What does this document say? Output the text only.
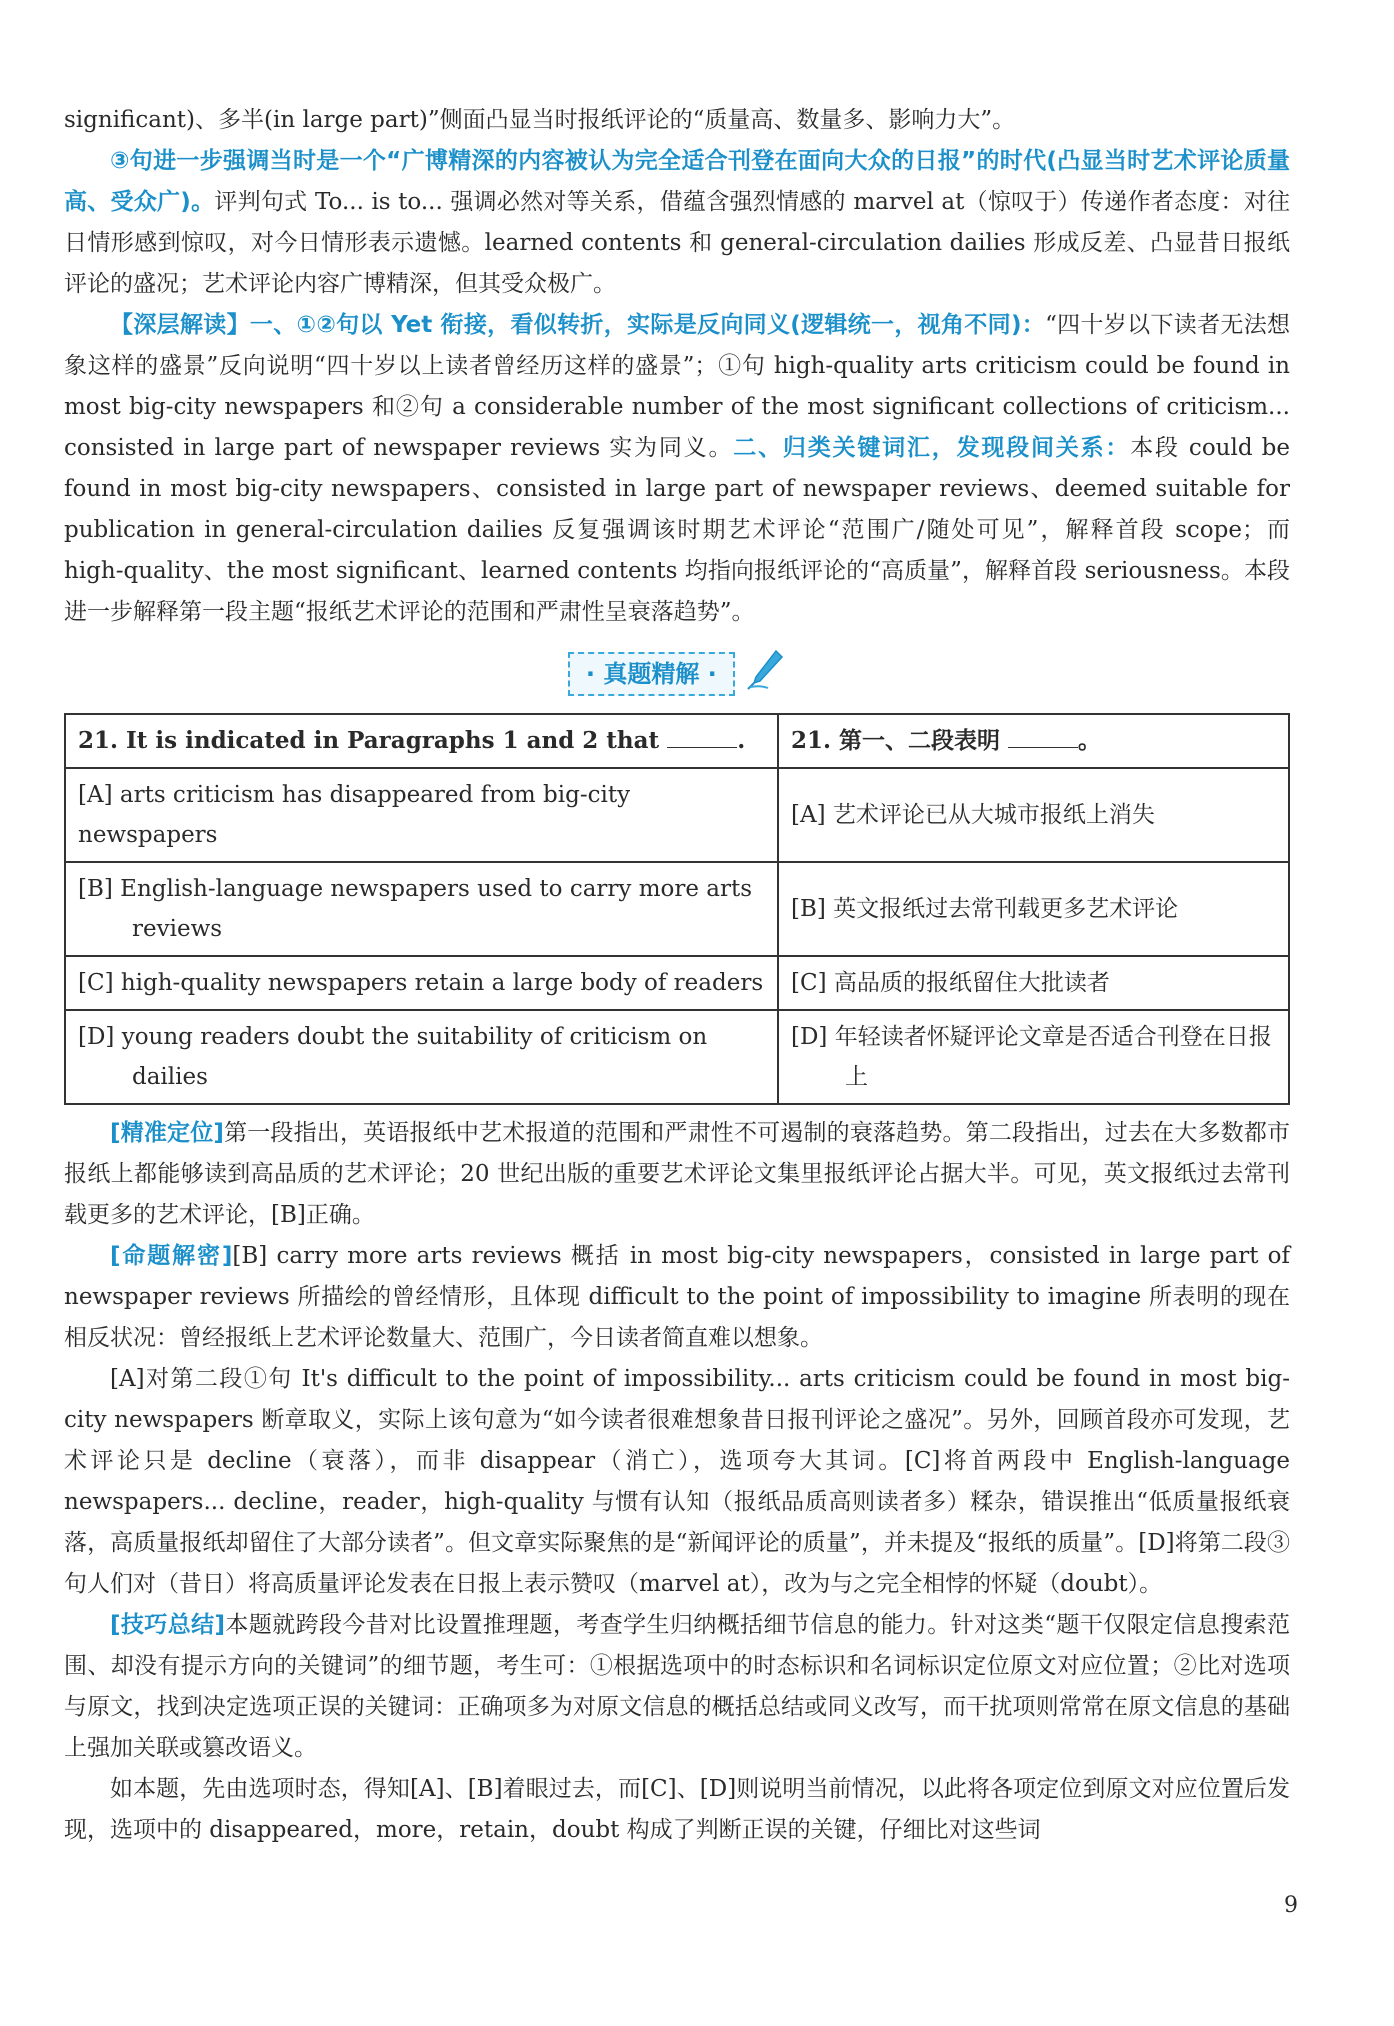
significant)、多半(in large part)”侧面凸显当时报纸评论的“质量高、数量多、影响力大”。

③句进一步强调当时是一个“广博精深的内容被认为完全适合刊登在面向大众的日报”的时代(凸显当时艺术评论质量高、受众广)。评判句式 To... is to... 强调必然对等关系，借蕴含强烈情感的 marvel at（惊叹于）传递作者态度：对往日情形感到惊叹，对今日情形表示遗憾。learned contents 和 general-circulation dailies 形成反差、凸显昔日报纸评论的盛况；艺术评论内容广博精深，但其受众极广。

【深层解读】一、①②句以 Yet 衔接，看似转折，实际是反向同义(逻辑统一，视角不同)：“四十岁以下读者无法想象这样的盛景”反向说明“四十岁以上读者曾经历这样的盛景”；①句 high-quality arts criticism could be found in most big-city newspapers 和②句 a considerable number of the most significant collections of criticism... consisted in large part of newspaper reviews 实为同义。二、归类关键词汇，发现段间关系：本段 could be found in most big-city newspapers、consisted in large part of newspaper reviews、deemed suitable for publication in general-circulation dailies 反复强调该时期艺术评论“范围广/随处可见”，解释首段 scope；而 high-quality、the most significant、learned contents 均指向报纸评论的“高质量”，解释首段 seriousness。本段进一步解释第一段主题“报纸艺术评论的范围和严肃性呈衰落趋势”。

· 真题精解 ·
21. It is indicated in Paragraphs 1 and 2 that .	21. 第一、二段表明 。
[A] arts criticism has disappeared from big-city newspapers	[A] 艺术评论已从大城市报纸上消失

[B] English-language newspapers used to carry more arts reviews	[B] 英文报纸过去常刊载更多艺术评论
[C] high-quality newspapers retain a large body of readers	[C] 高品质的报纸留住大批读者

[D] young readers doubt the suitability of criticism on dailies	[D] 年轻读者怀疑评论文章是否适合刊登在日报上

[精准定位]第一段指出，英语报纸中艺术报道的范围和严肃性不可遏制的衰落趋势。第二段指出，过去在大多数都市报纸上都能够读到高品质的艺术评论；20 世纪出版的重要艺术评论文集里报纸评论占据大半。可见，英文报纸过去常刊载更多的艺术评论，[B]正确。

[命题解密][B] carry more arts reviews 概括 in most big-city newspapers，consisted in large part of newspaper reviews 所描绘的曾经情形，且体现 difficult to the point of impossibility to imagine 所表明的现在相反状况：曾经报纸上艺术评论数量大、范围广，今日读者简直难以想象。

[A]对第二段①句 It's difficult to the point of impossibility... arts criticism could be found in most big-city newspapers 断章取义，实际上该句意为“如今读者很难想象昔日报刊评论之盛况”。另外，回顾首段亦可发现，艺术评论只是 decline（衰落），而非 disappear（消亡），选项夸大其词。[C]将首两段中 English-language newspapers... decline，reader，high-quality 与惯有认知（报纸品质高则读者多）糅杂，错误推出“低质量报纸衰落，高质量报纸却留住了大部分读者”。但文章实际聚焦的是“新闻评论的质量”，并未提及“报纸的质量”。[D]将第二段③句人们对（昔日）将高质量评论发表在日报上表示赞叹（marvel at），改为与之完全相悖的怀疑（doubt）。

[技巧总结]本题就跨段今昔对比设置推理题，考查学生归纳概括细节信息的能力。针对这类“题干仅限定信息搜索范围、却没有提示方向的关键词”的细节题，考生可：①根据选项中的时态标识和名词标识定位原文对应位置；②比对选项与原文，找到决定选项正误的关键词：正确项多为对原文信息的概括总结或同义改写，而干扰项则常常在原文信息的基础上强加关联或篡改语义。

如本题，先由选项时态，得知[A]、[B]着眼过去，而[C]、[D]则说明当前情况，以此将各项定位到原文对应位置后发现，选项中的 disappeared，more，retain，doubt 构成了判断正误的关键，仔细比对这些词

9
